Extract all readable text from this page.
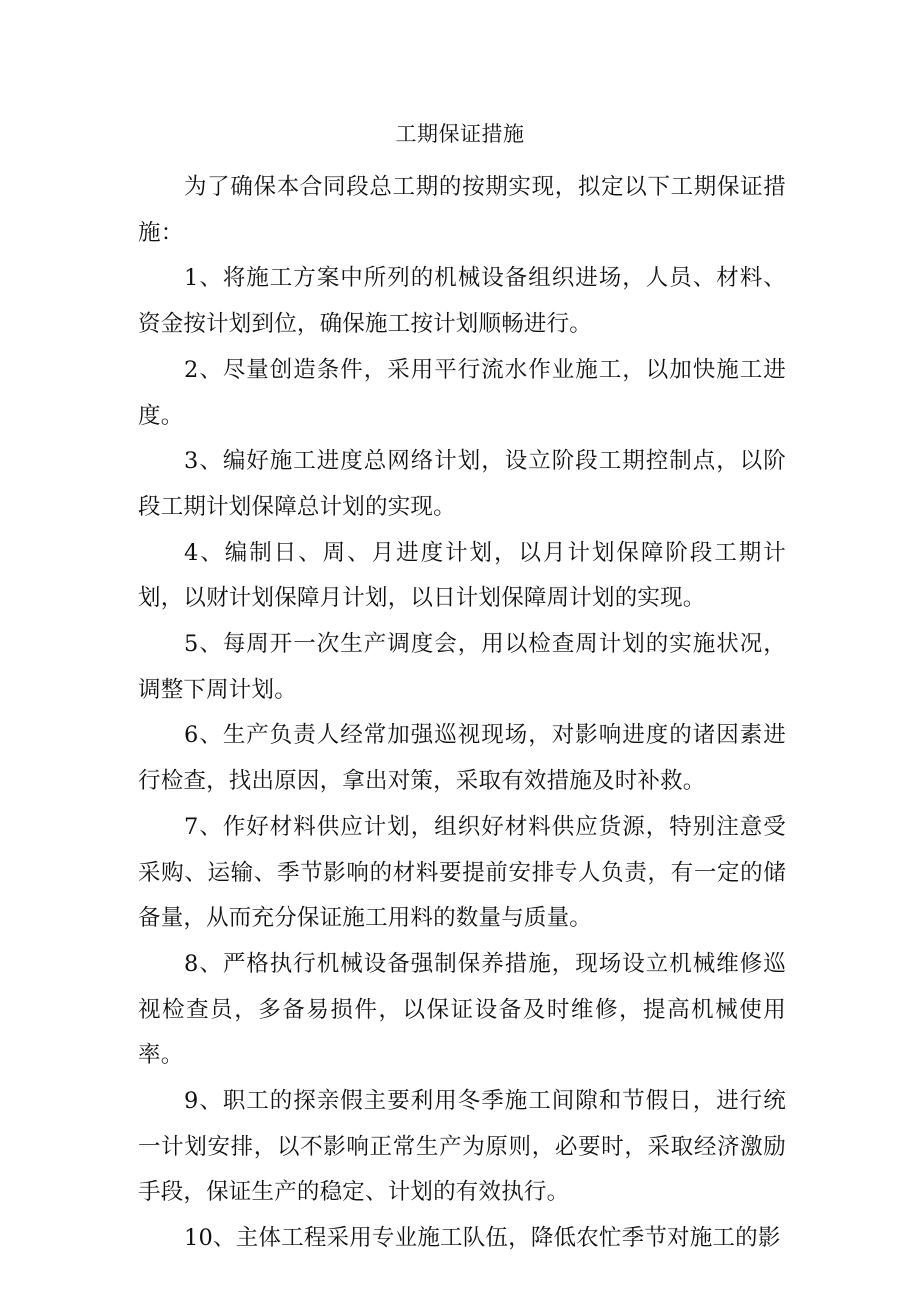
工期保证措施

为了确保本合同段总工期的按期实现，拟定以下工期保证措施：

1、将施工方案中所列的机械设备组织进场，人员、材料、资金按计划到位，确保施工按计划顺畅进行。

2、尽量创造条件，采用平行流水作业施工，以加快施工进度。

3、编好施工进度总网络计划，设立阶段工期控制点，以阶段工期计划保障总计划的实现。

4、编制日、周、月进度计划，以月计划保障阶段工期计划，以财计划保障月计划，以日计划保障周计划的实现。

5、每周开一次生产调度会，用以检查周计划的实施状况，调整下周计划。

6、生产负责人经常加强巡视现场，对影响进度的诸因素进行检查，找出原因，拿出对策，采取有效措施及时补救。

7、作好材料供应计划，组织好材料供应货源，特别注意受采购、运输、季节影响的材料要提前安排专人负责，有一定的储备量，从而充分保证施工用料的数量与质量。

8、严格执行机械设备强制保养措施，现场设立机械维修巡视检查员，多备易损件，以保证设备及时维修，提高机械使用率。

9、职工的探亲假主要利用冬季施工间隙和节假日，进行统一计划安排，以不影响正常生产为原则，必要时，采取经济激励手段，保证生产的稳定、计划的有效执行。

10、主体工程采用专业施工队伍，降低农忙季节对施工的影
